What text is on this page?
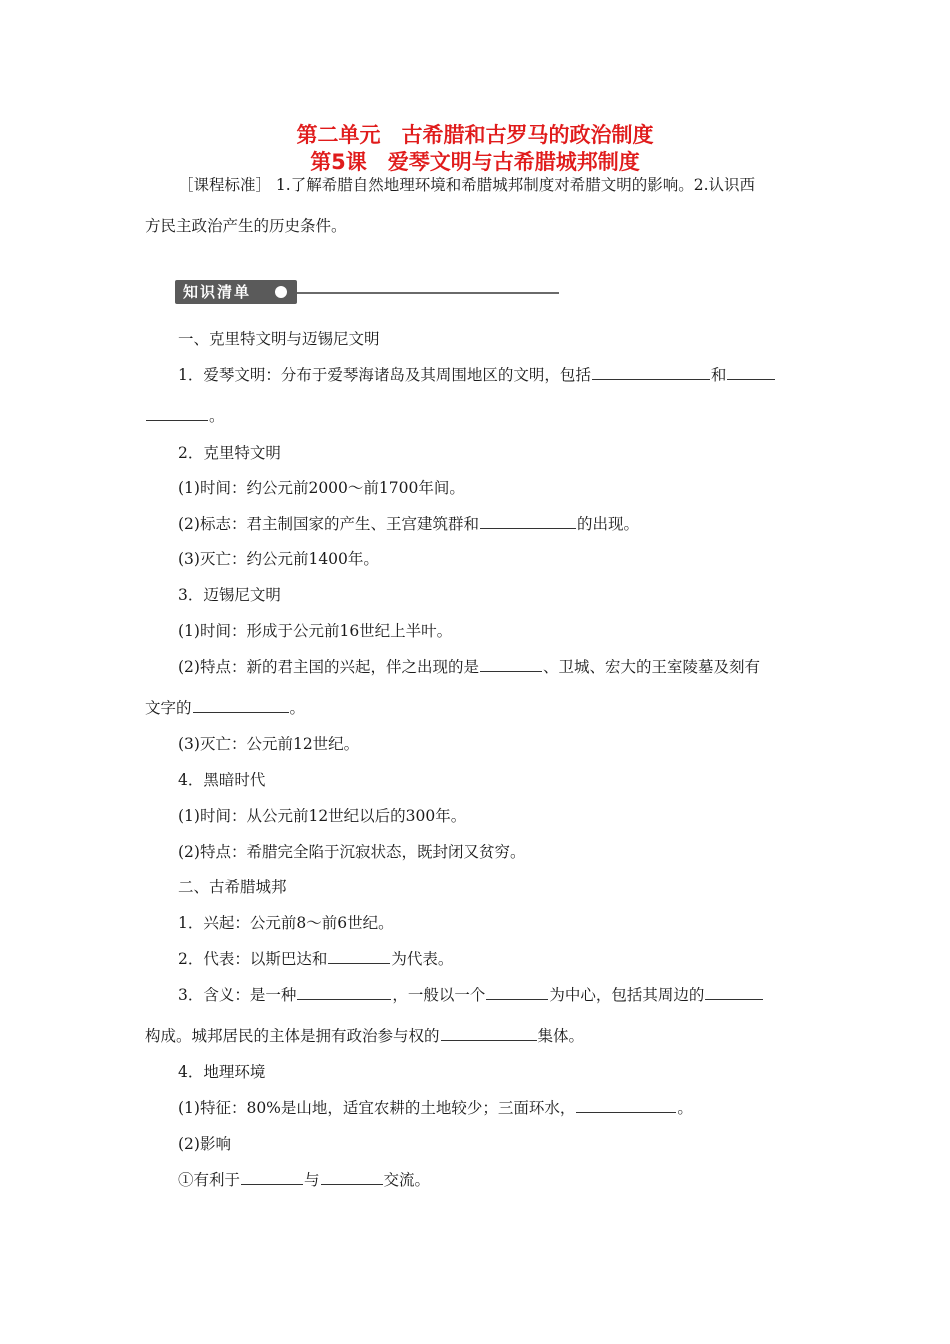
第二单元　古希腊和古罗马的政治制度
第5课　爱琴文明与古希腊城邦制度
［课程标准］ 1.了解希腊自然地理环境和希腊城邦制度对希腊文明的影响。2.认识西
方民主政治产生的历史条件。
知识清单
一、克里特文明与迈锡尼文明
1．爱琴文明：分布于爱琴海诸岛及其周围地区的文明，包括	和
。
2．克里特文明
(1)时间：约公元前2000～前1700年间。
(2)标志：君主制国家的产生、王宫建筑群和	的出现。
(3)灭亡：约公元前1400年。
3．迈锡尼文明
(1)时间：形成于公元前16世纪上半叶。
(2)特点：新的君主国的兴起，伴之出现的是	、卫城、宏大的王室陵墓及刻有
文字的	。
(3)灭亡：公元前12世纪。
4．黑暗时代
(1)时间：从公元前12世纪以后的300年。
(2)特点：希腊完全陷于沉寂状态，既封闭又贫穷。
二、古希腊城邦
1．兴起：公元前8～前6世纪。
2．代表：以斯巴达和	为代表。
3．含义：是一种	，一般以一个	为中心，包括其周边的
构成。城邦居民的主体是拥有政治参与权的	集体。
4．地理环境
(1)特征：80%是山地，适宜农耕的土地较少；三面环水，	。
(2)影响
①有利于	与	交流。
